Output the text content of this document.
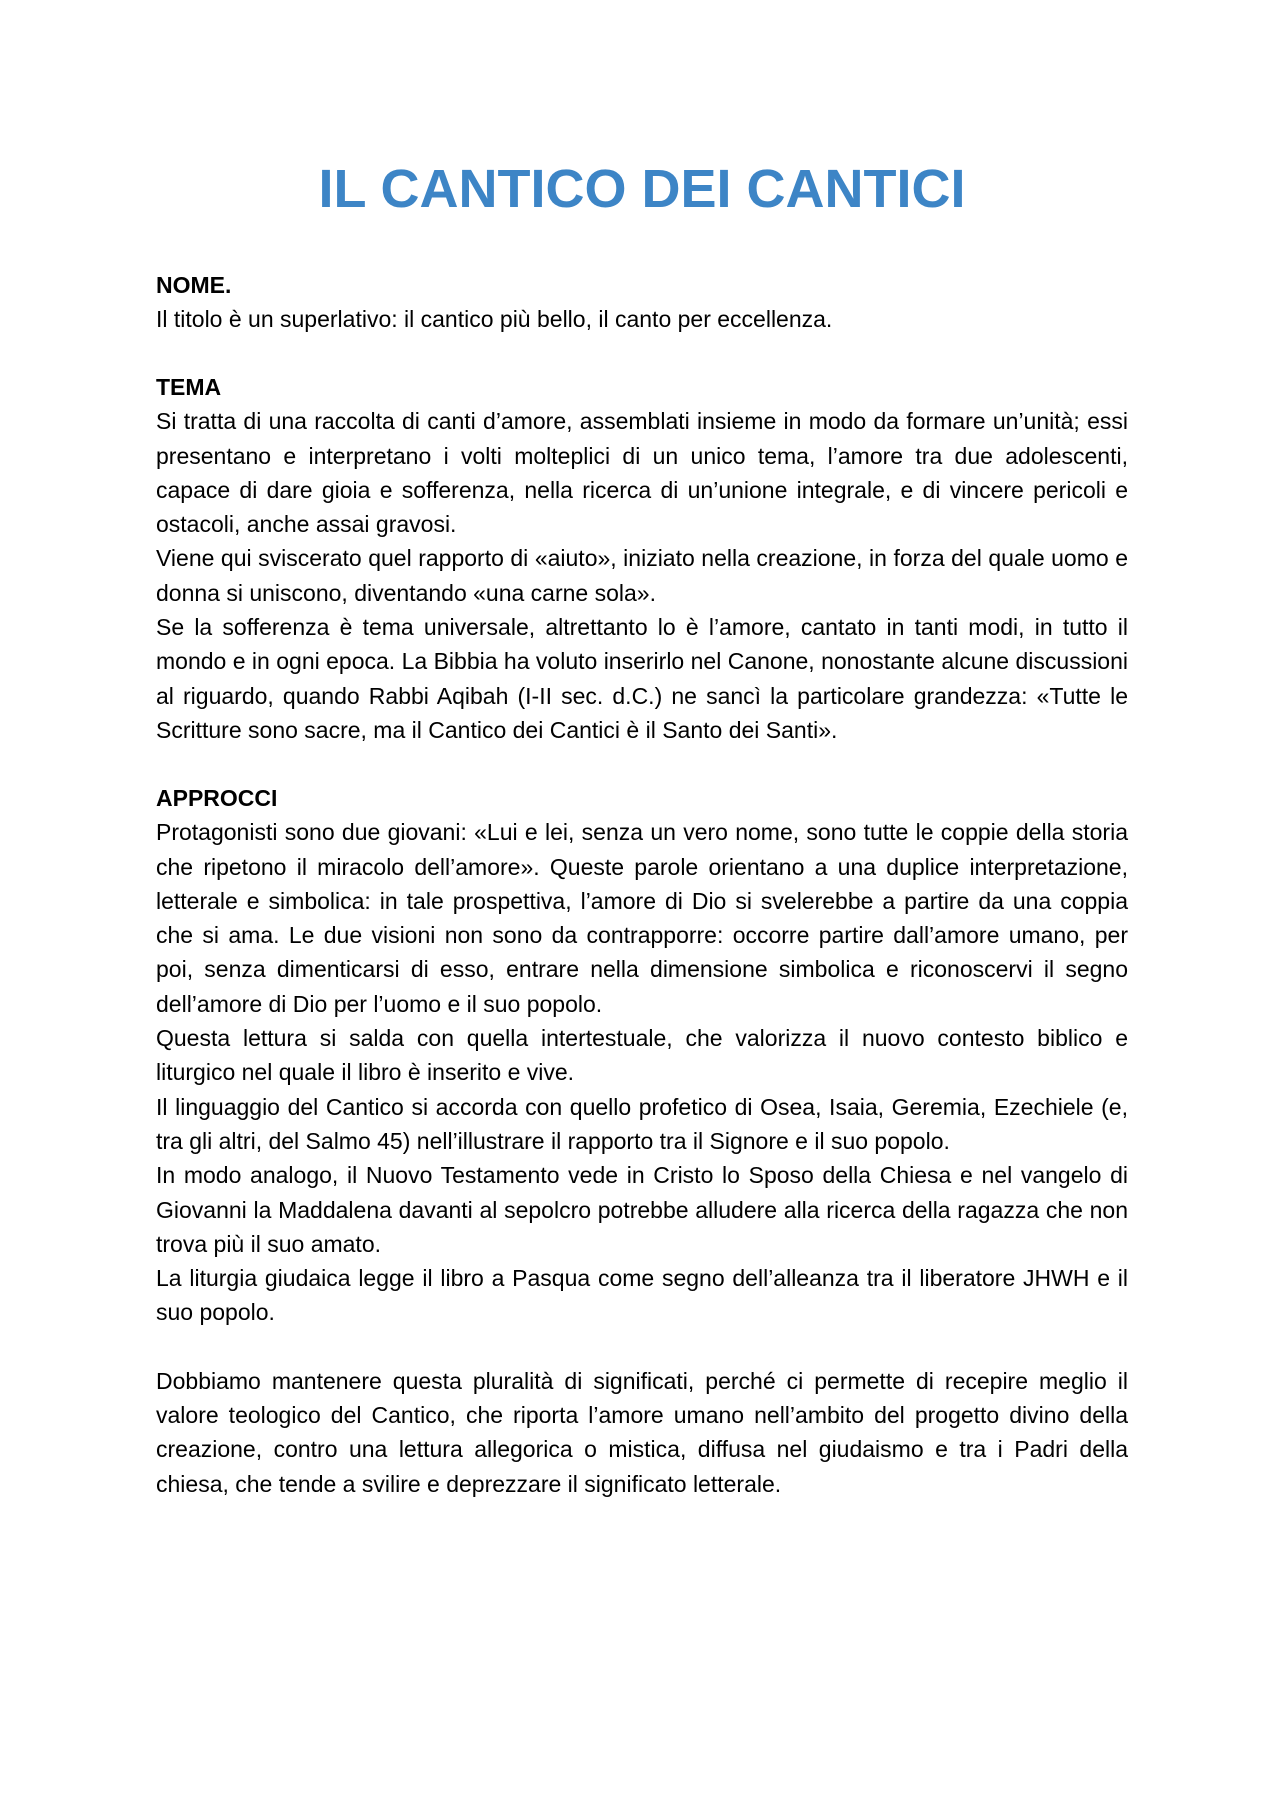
IL CANTICO DEI CANTICI

NOME.

Il titolo è un superlativo: il cantico più bello, il canto per eccellenza.

TEMA

Si tratta di una raccolta di canti d’amore, assemblati insieme in modo da formare un’unità; essi presentano e interpretano i volti molteplici di un unico tema, l’amore tra due adolescenti, capace di dare gioia e sofferenza, nella ricerca di un’unione integrale, e di vincere pericoli e ostacoli, anche assai gravosi.

Viene qui sviscerato quel rapporto di «aiuto», iniziato nella creazione, in forza del quale uomo e donna si uniscono, diventando «una carne sola».

Se la sofferenza è tema universale, altrettanto lo è l’amore, cantato in tanti modi, in tutto il mondo e in ogni epoca. La Bibbia ha voluto inserirlo nel Canone, nonostante alcune discussioni al riguardo, quando Rabbi Aqibah (I-II sec. d.C.) ne sancì la particolare grandezza: «Tutte le Scritture sono sacre, ma il Cantico dei Cantici è il Santo dei Santi».

APPROCCI

Protagonisti sono due giovani: «Lui e lei, senza un vero nome, sono tutte le coppie della storia che ripetono il miracolo dell’amore». Queste parole orientano a una duplice interpretazione, letterale e simbolica: in tale prospettiva, l’amore di Dio si svelerebbe a partire da una coppia che si ama. Le due visioni non sono da contrapporre: occorre partire dall’amore umano, per poi, senza dimenticarsi di esso, entrare nella dimensione simbolica e riconoscervi il segno dell’amore di Dio per l’uomo e il suo popolo.

Questa lettura si salda con quella intertestuale, che valorizza il nuovo contesto biblico e liturgico nel quale il libro è inserito e vive.

Il linguaggio del Cantico si accorda con quello profetico di Osea, Isaia, Geremia, Ezechiele (e, tra gli altri, del Salmo 45) nell’illustrare il rapporto tra il Signore e il suo popolo.

In modo analogo, il Nuovo Testamento vede in Cristo lo Sposo della Chiesa e nel vangelo di Giovanni la Maddalena davanti al sepolcro potrebbe alludere alla ricerca della ragazza che non trova più il suo amato.

La liturgia giudaica legge il libro a Pasqua come segno dell’alleanza tra il liberatore JHWH e il suo popolo.

Dobbiamo mantenere questa pluralità di significati, perché ci permette di recepire meglio il valore teologico del Cantico, che riporta l’amore umano nell’ambito del progetto divino della creazione, contro una lettura allegorica o mistica, diffusa nel giudaismo e tra i Padri della chiesa, che tende a svilire e deprezzare il significato letterale.
